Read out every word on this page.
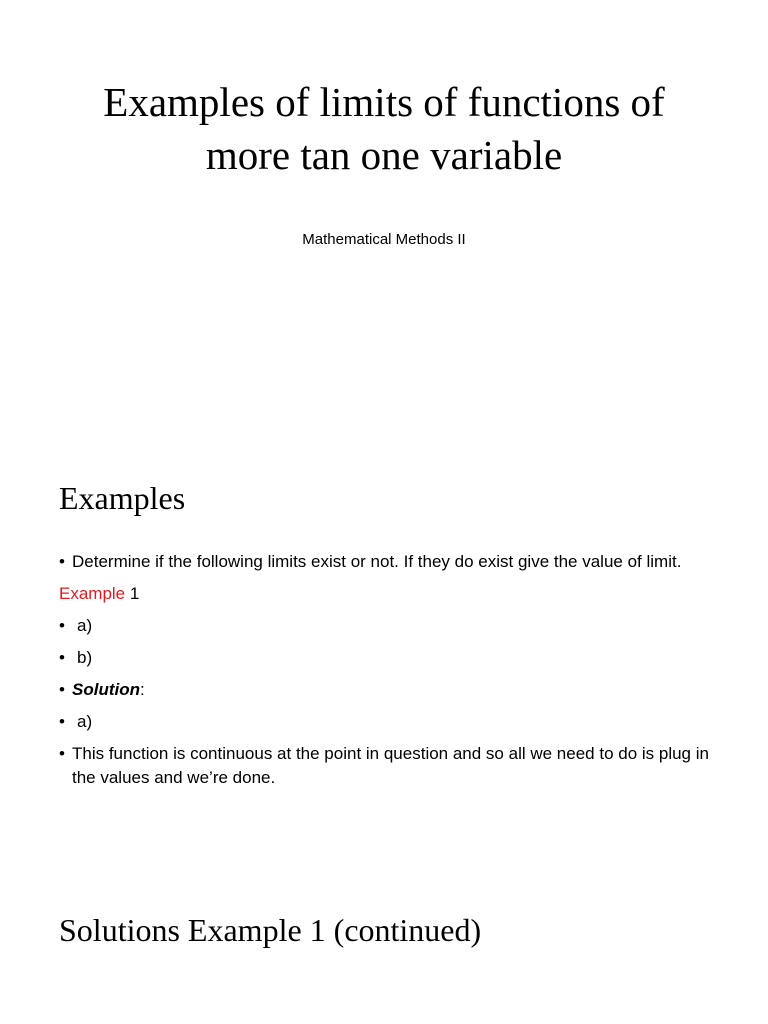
Examples of limits of functions of more tan one variable
Mathematical Methods II
Examples
• Determine if the following limits exist or not. If they do exist give the value of limit.
Example 1
• a)
• b)
• Solution:
• a)
• This function is continuous at the point in question and so all we need to do is plug in the values and we’re done.
Solutions Example 1 (continued)
